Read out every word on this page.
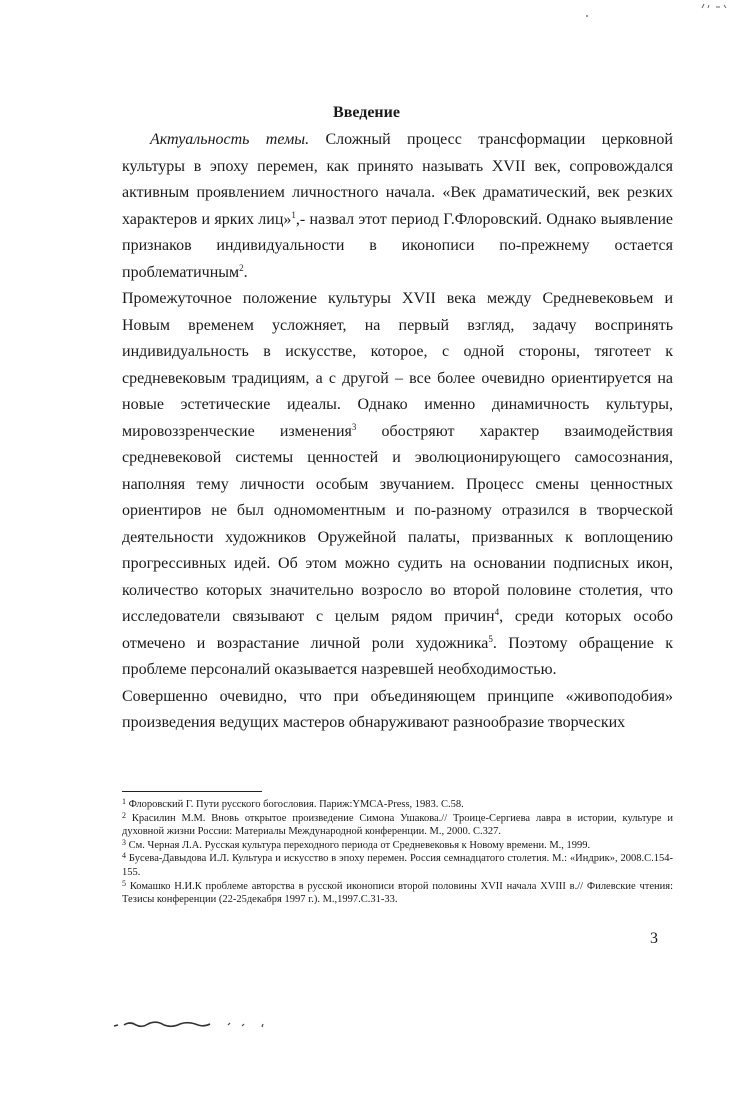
Введение

Актуальность темы. Сложный процесс трансформации церковной культуры в эпоху перемен, как принято называть XVII век, сопровождался активным проявлением личностного начала. «Век драматический, век резких характеров и ярких лиц»$^1$,- назвал этот период Г.Флоровский. Однако выявление признаков индивидуальности в иконописи по-прежнему остается проблематичным$^2$.

Промежуточное положение культуры XVII века между Средневековьем и Новым временем усложняет, на первый взгляд, задачу воспринять индивидуальность в искусстве, которое, с одной стороны, тяготеет к средневековым традициям, а с другой – все более очевидно ориентируется на новые эстетические идеалы. Однако именно динамичность культуры, мировоззренческие изменения$^3$ обостряют характер взаимодействия средневековой системы ценностей и эволюционирующего самосознания, наполняя тему личности особым звучанием. Процесс смены ценностных ориентиров не был одномоментным и по-разному отразился в творческой деятельности художников Оружейной палаты, призванных к воплощению прогрессивных идей. Об этом можно судить на основании подписных икон, количество которых значительно возросло во второй половине столетия, что исследователи связывают с целым рядом причин$^4$, среди которых особо отмечено и возрастание личной роли художника$^5$. Поэтому обращение к проблеме персоналий оказывается назревшей необходимостью.

Совершенно очевидно, что при объединяющем принципе «живоподобия» произведения ведущих мастеров обнаруживают разнообразие творческих

$^1$ Флоровский Г. Пути русского богословия. Париж:YMCA-Press, 1983. С.58.
$^2$ Красилин М.М. Вновь открытое произведение Симона Ушакова.// Троице-Сергиева лавра в истории, культуре и духовной жизни России: Материалы Международной конференции. М., 2000. С.327.
$^3$ См. Черная Л.А. Русская культура переходного периода от Средневековья к Новому времени. М., 1999.
$^4$ Бусева-Давыдова И.Л. Культура и искусство в эпоху перемен. Россия семнадцатого столетия. М.: «Индрик», 2008.С.154-155.
$^5$ Комашко Н.И.К проблеме авторства в русской иконописи второй половины XVII начала XVIII в.// Филевские чтения: Тезисы конференции (22-25декабря 1997 г.). М.,1997.С.31-33.
3
